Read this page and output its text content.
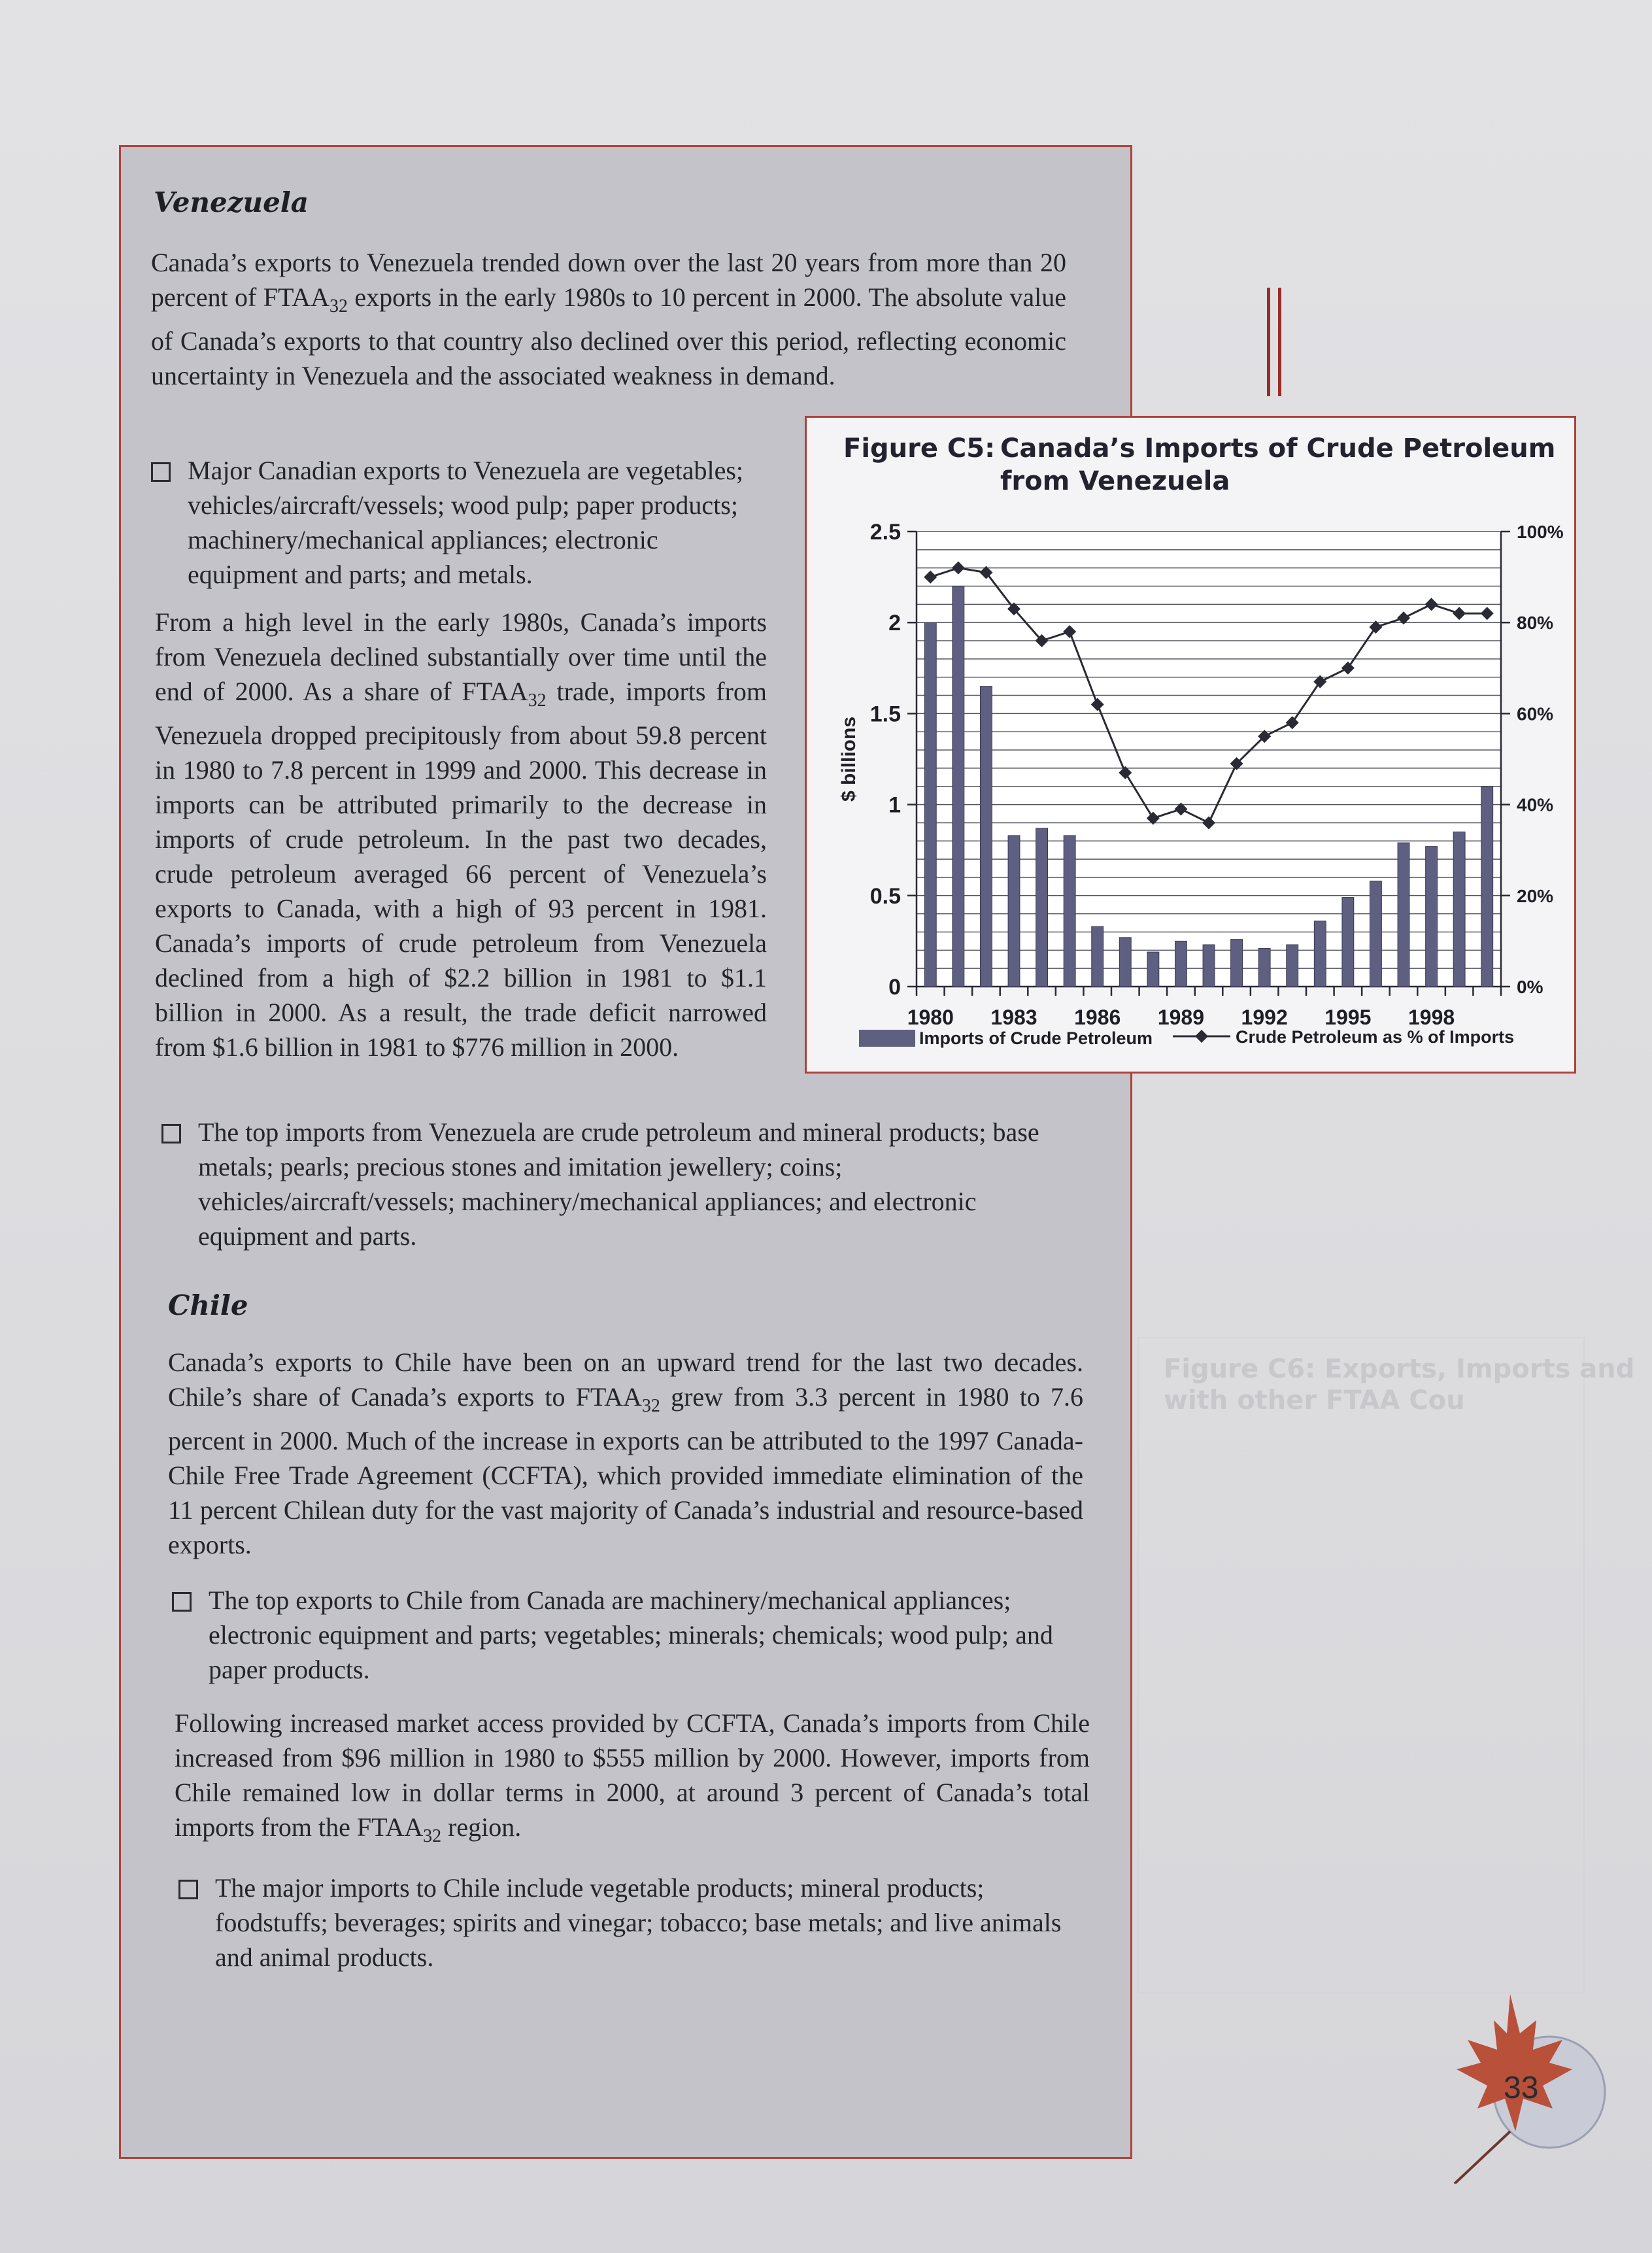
Venezuela

Canada’s exports to Venezuela trended down over the last 20 years from more than 20 percent of $FTAA_{32}$ exports in the early 1980s to 10 percent in 2000. The absolute value of Canada’s exports to that country also declined over this period, reflecting economic uncertainty in Venezuela and the associated weakness in demand.

Major Canadian exports to Venezuela are vegetables; vehicles/aircraft/vessels; wood pulp; paper products; machinery/mechanical appliances; electronic equipment and parts; and metals.

From a high level in the early 1980s, Canada’s imports from Venezuela declined substantially over time until the end of 2000. As a share of $FTAA_{32}$ trade, imports from Venezuela dropped precipitously from about 59.8 percent in 1980 to 7.8 percent in 1999 and 2000. This decrease in imports can be attributed primarily to the decrease in imports of crude petroleum. In the past two decades, crude petroleum averaged 66 percent of Venezuela’s exports to Canada, with a high of 93 percent in 1981. Canada’s imports of crude petroleum from Venezuela declined from a high of $2.2 billion in 1981 to $1.1 billion in 2000. As a result, the trade deficit narrowed from $1.6 billion in 1981 to $776 million in 2000.

The top imports from Venezuela are crude petroleum and mineral products; base metals; pearls; precious stones and imitation jewellery; coins; vehicles/aircraft/vessels; machinery/mechanical appliances; and electronic equipment and parts.
Chile

Canada’s exports to Chile have been on an upward trend for the last two decades. Chile’s share of Canada’s exports to $FTAA_{32}$ grew from 3.3 percent in 1980 to 7.6 percent in 2000. Much of the increase in exports can be attributed to the 1997 Canada-Chile Free Trade Agreement (CCFTA), which provided immediate elimination of the 11 percent Chilean duty for the vast majority of Canada’s industrial and resource-based exports.

The top exports to Chile from Canada are machinery/mechanical appliances; electronic equipment and parts; vegetables; minerals; chemicals; wood pulp; and paper products.

Following increased market access provided by CCFTA, Canada’s imports from Chile increased from $96 million in 1980 to $555 million by 2000. However, imports from Chile remained low in dollar terms in 2000, at around 3 percent of Canada’s total imports from the $FTAA_{32}$ region.

The major imports to Chile include vegetable products; mineral products; foodstuffs; beverages; spirits and vinegar; tobacco; base metals; and live animals and animal products.
Figure C6: Exports, Imports and
with other FTAA Cou
Figure C5: Canada’s Imports of Crude Petroleum
from Venezuela
0
0.5
1
1.5
2
2.5
0%
20%
40%
60%
80%
100%
$ billions
1980 1983 1986 1989 1992 1995 1998
Imports of Crude Petroleum	Crude Petroleum as % of Imports
33
